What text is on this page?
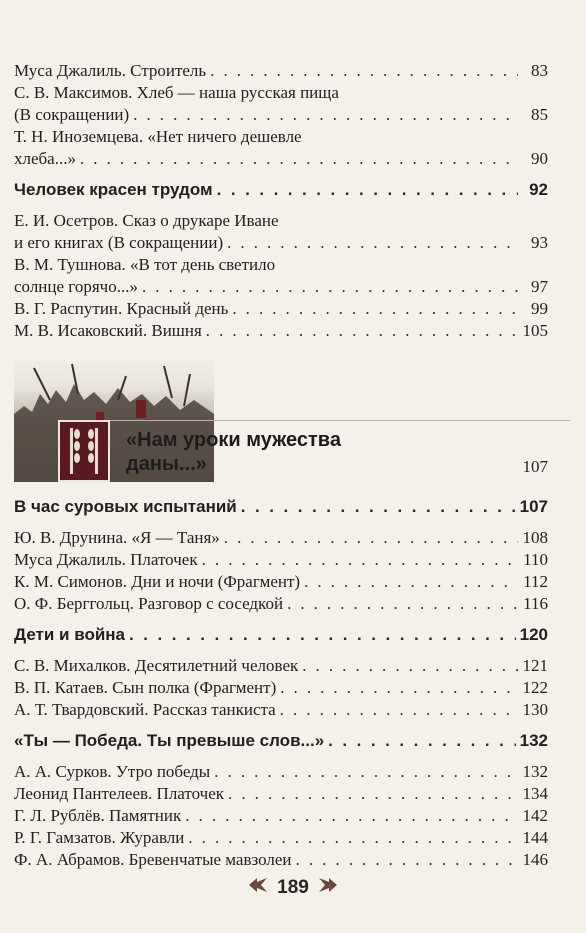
Муса Джалиль. Строитель . . .	83
С. В. Максимов. Хлеб — наша русская пища
(В сокращении) . . .	85
Т. Н. Иноземцева. «Нет ничего дешевле
хлеба...» . . .	90
Человек красен трудом . . .	92
Е. И. Осетров. Сказ о друкаре Иване
и его книгах (В сокращении) . . .	93
В. М. Тушнова. «В тот день светило
солнце горячо...» . . .	97
В. Г. Распутин. Красный день . . .	99
М. В. Исаковский. Вишня . . .	105
«Нам уроки мужества
даны...»	107
В час суровых испытаний . . .	107
Ю. В. Друнина. «Я — Таня» . . .	108
Муса Джалиль. Платочек . . .	110
К. М. Симонов. Дни и ночи (Фрагмент) . . .	112
О. Ф. Берггольц. Разговор с соседкой . . .	116
Дети и война . . .	120
С. В. Михалков. Десятилетний человек . . .	121
В. П. Катаев. Сын полка (Фрагмент) . . .	122
А. Т. Твардовский. Рассказ танкиста . . .	130
«Ты — Победа. Ты превыше слов...» . . .	132
А. А. Сурков. Утро победы . . .	132
Леонид Пантелеев. Платочек . . .	134
Г. Л. Рублёв. Памятник . . .	142
Р. Г. Гамзатов. Журавли . . .	144
Ф. А. Абрамов. Бревенчатые мавзолеи . . .	146
189
